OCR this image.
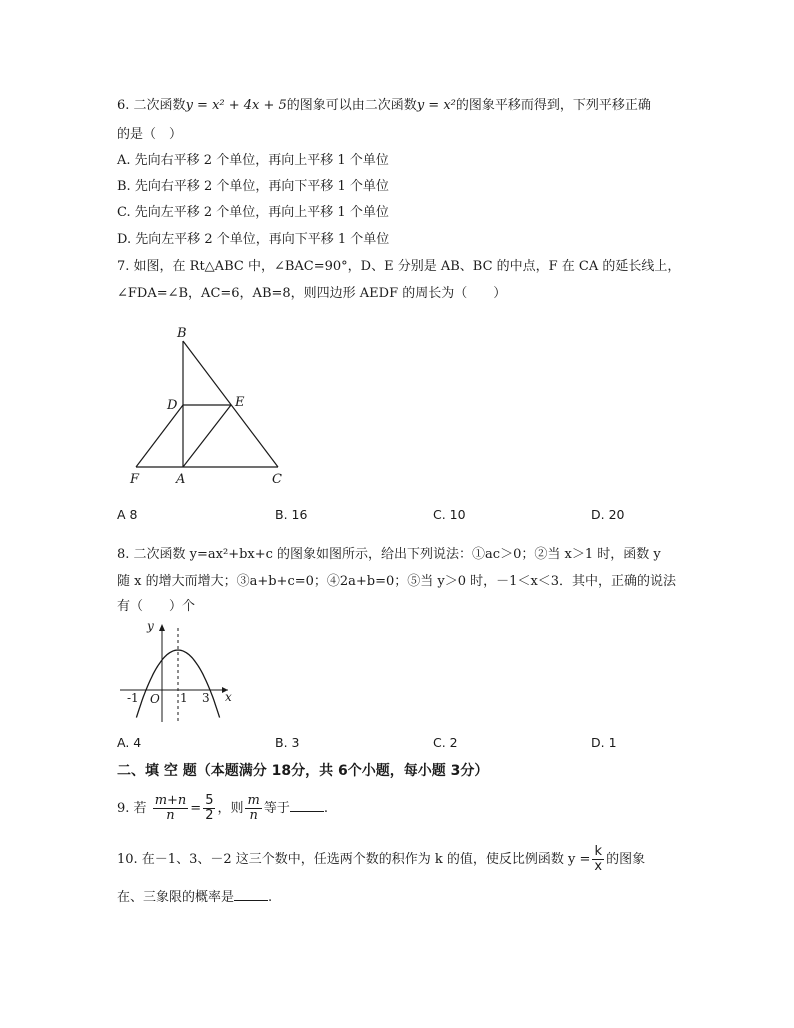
6. 二次函数y = x² + 4x + 5的图象可以由二次函数y = x²的图象平移而得到，下列平移正确
的是（　）
A. 先向右平移 2 个单位，再向上平移 1 个单位
B. 先向右平移 2 个单位，再向下平移 1 个单位
C. 先向左平移 2 个单位，再向上平移 1 个单位
D. 先向左平移 2 个单位，再向下平移 1 个单位
7. 如图，在 Rt△ABC 中，∠BAC=90°，D、E 分别是 AB、BC 的中点，F 在 CA 的延长线上，
∠FDA=∠B，AC=6，AB=8，则四边形 AEDF 的周长为（　　）
B
D	E
F	A	C
y
x
O
-1	1 3
A 8	B. 16	C. 10	D. 20
8. 二次函数 y=ax²+bx+c 的图象如图所示，给出下列说法：①ac＞0；②当 x＞1 时，函数 y
随 x 的增大而增大；③a+b+c=0；④2a+b=0；⑤当 y＞0 时，－1＜x＜3．其中，正确的说法
有（　　）个
A. 4	B. 3	C. 2	D. 1
二、填 空 题（本题满分 18分，共 6个小题，每小题 3分）
9. 若 $\frac{m+n}{n} = \frac{5}{2}$ ，则 $\frac{m}{n}$ 等于	.
10. 在－1、3、－2 这三个数中，任选两个数的积作为 k 的值，使反比例函数 $y = \frac{k}{x}$ 的图象
在、三象限的概率是	.
